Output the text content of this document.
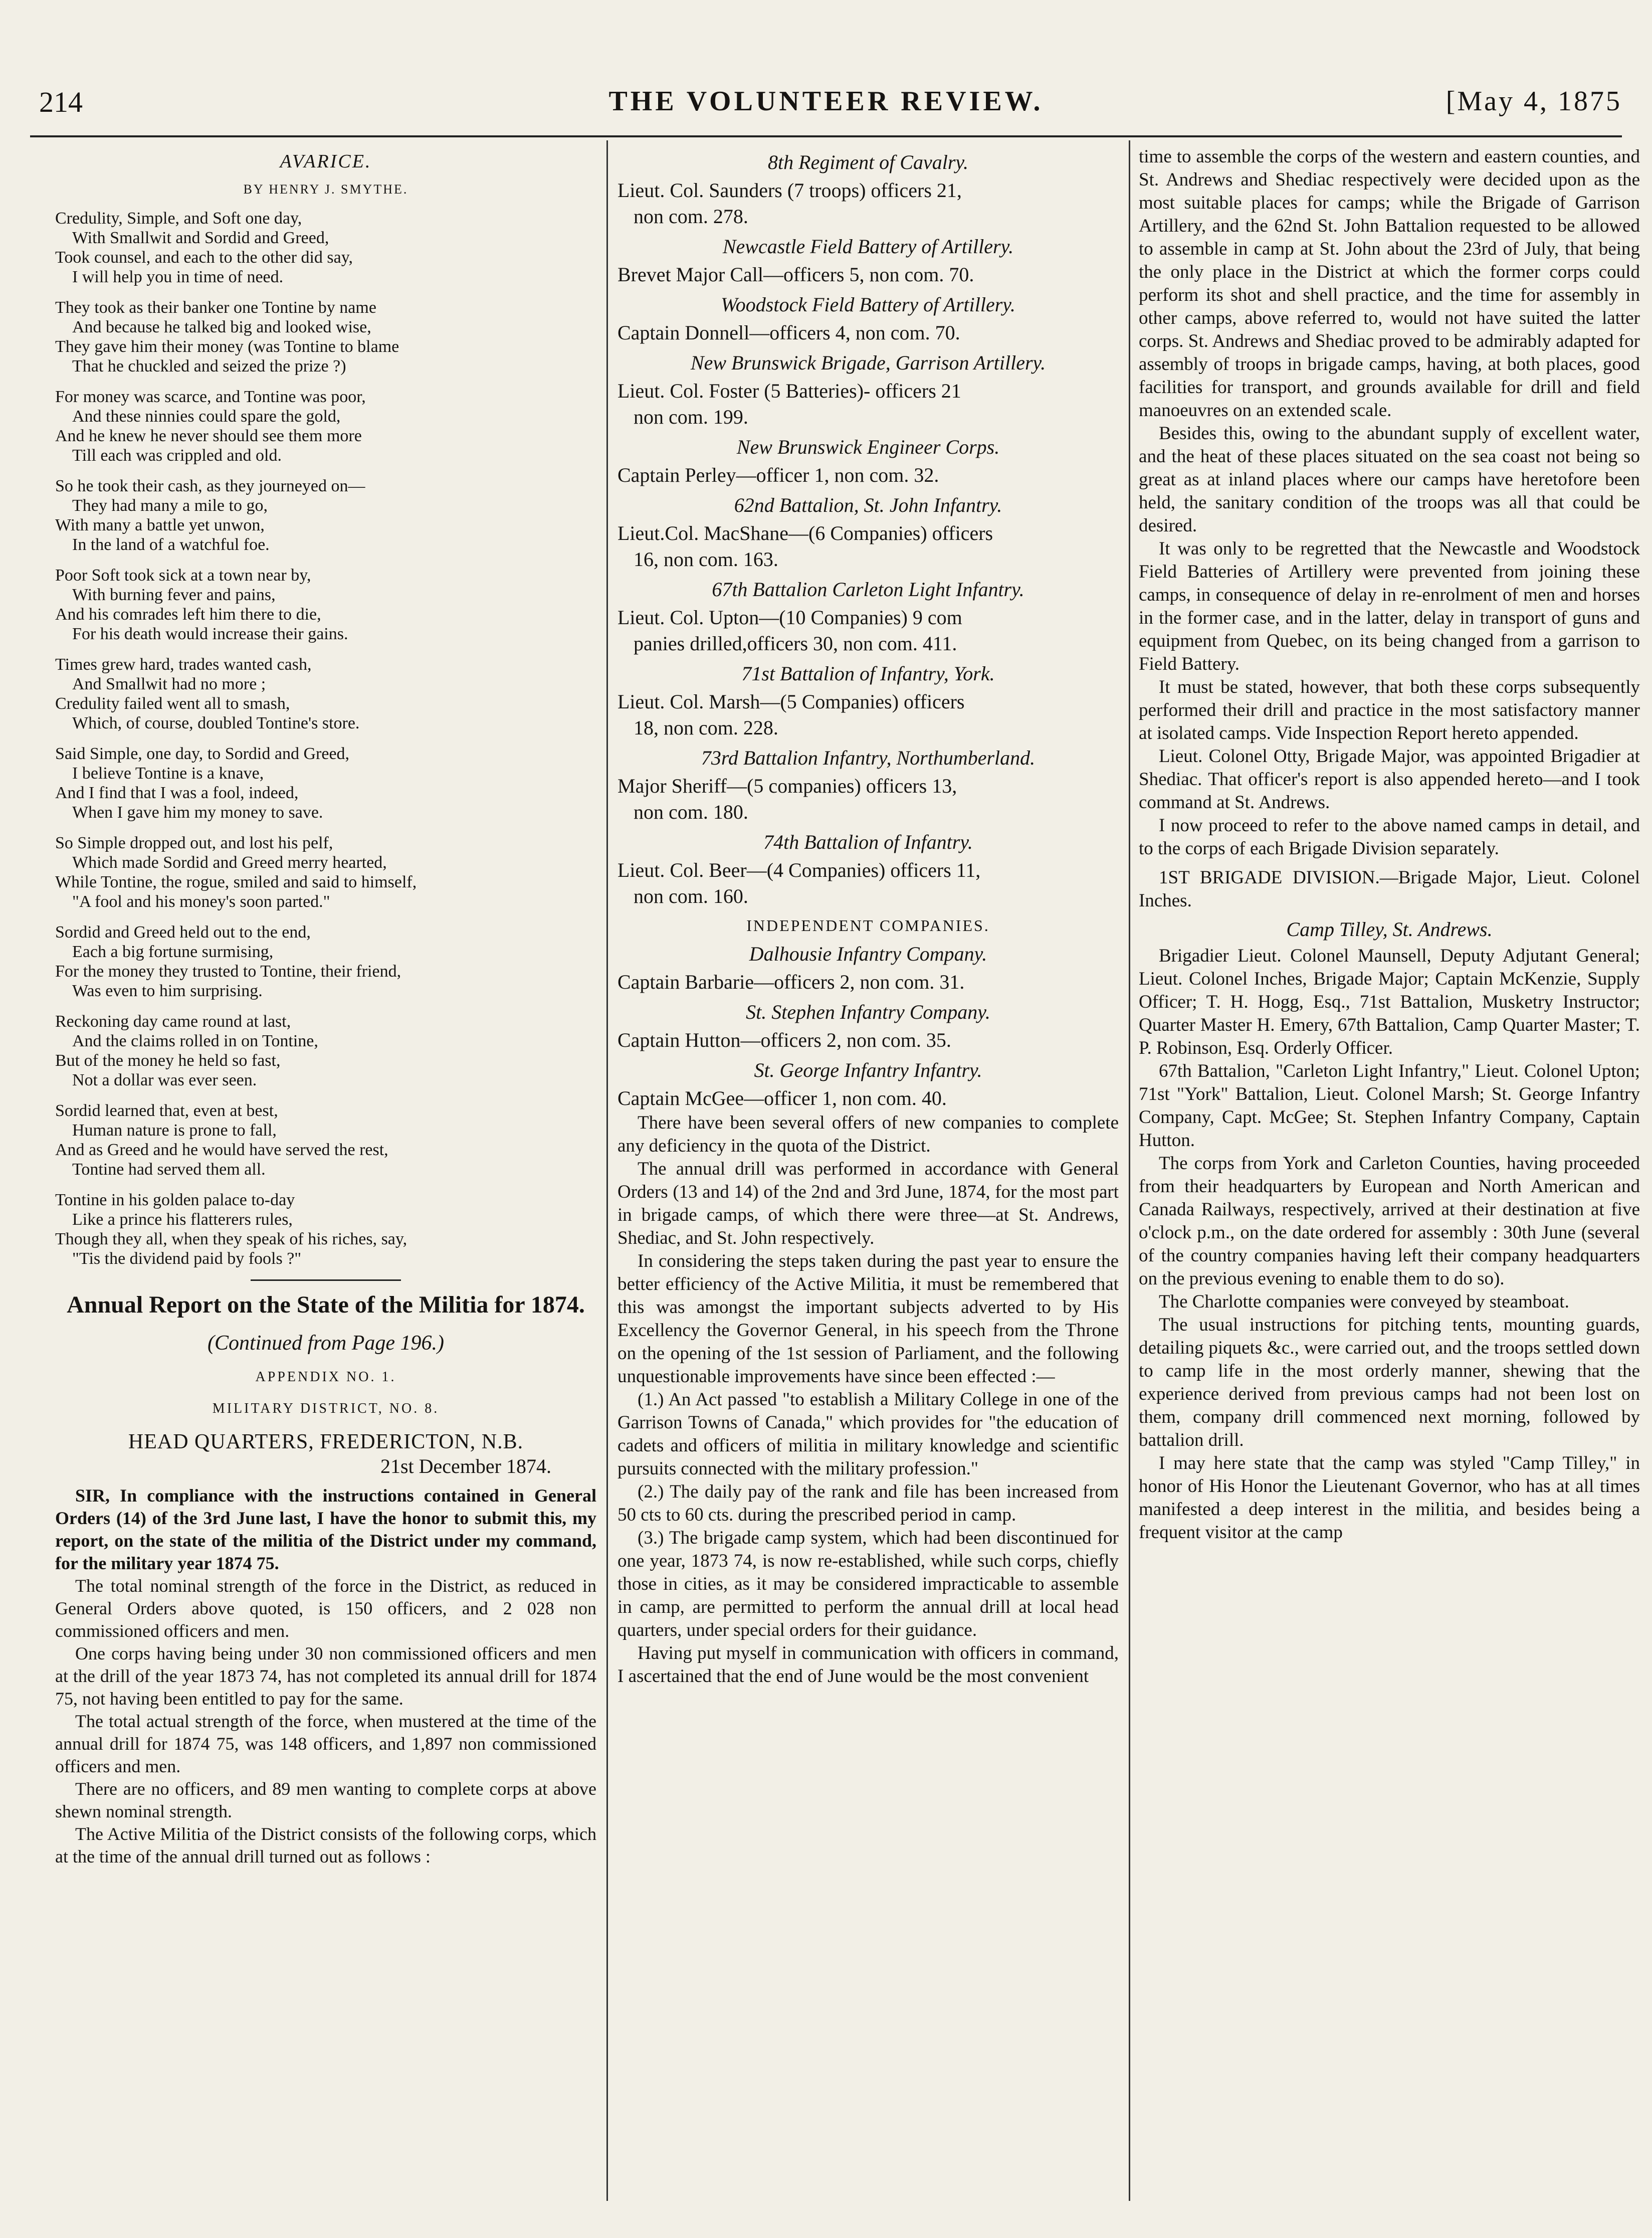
214	THE VOLUNTEER REVIEW.	[May 4, 1875
AVARICE.
BY HENRY J. SMYTHE.
Credulity, Simple, and Soft one day,
With Smallwit and Sordid and Greed,
Took counsel, and each to the other did say,
I will help you in time of need.
They took as their banker one Tontine by name
And because he talked big and looked wise,
They gave him their money (was Tontine to blame
That he chuckled and seized the prize ?)
For money was scarce, and Tontine was poor,
And these ninnies could spare the gold,
And he knew he never should see them more
Till each was crippled and old.
So he took their cash, as they journeyed on—
They had many a mile to go,
With many a battle yet unwon,
In the land of a watchful foe.
Poor Soft took sick at a town near by,
With burning fever and pains,
And his comrades left him there to die,
For his death would increase their gains.
Times grew hard, trades wanted cash,
And Smallwit had no more ;
Credulity failed went all to smash,
Which, of course, doubled Tontine's store.
Said Simple, one day, to Sordid and Greed,
I believe Tontine is a knave,
And I find that I was a fool, indeed,
When I gave him my money to save.
So Simple dropped out, and lost his pelf,
Which made Sordid and Greed merry hearted,
While Tontine, the rogue, smiled and said to himself,
"A fool and his money's soon parted."
Sordid and Greed held out to the end,
Each a big fortune surmising,
For the money they trusted to Tontine, their friend,
Was even to him surprising.
Reckoning day came round at last,
And the claims rolled in on Tontine,
But of the money he held so fast,
Not a dollar was ever seen.
Sordid learned that, even at best,
Human nature is prone to fall,
And as Greed and he would have served the rest,
Tontine had served them all.
Tontine in his golden palace to-day
Like a prince his flatterers rules,
Though they all, when they speak of his riches, say,
"Tis the dividend paid by fools ?"
Annual Report on the State of the Militia for 1874.
(Continued from Page 196.)
APPENDIX NO. 1.
MILITARY DISTRICT, NO. 8.
HEAD QUARTERS, FREDERICTON, N.B.
21st December 1874.

SIR, In compliance with the instructions contained in General Orders (14) of the 3rd June last, I have the honor to submit this, my report, on the state of the militia of the District under my command, for the military year 1874 75.

The total nominal strength of the force in the District, as reduced in General Orders above quoted, is 150 officers, and 2 028 non commissioned officers and men.

One corps having being under 30 non commissioned officers and men at the drill of the year 1873 74, has not completed its annual drill for 1874 75, not having been entitled to pay for the same.

The total actual strength of the force, when mustered at the time of the annual drill for 1874 75, was 148 officers, and 1,897 non commissioned officers and men.

There are no officers, and 89 men wanting to complete corps at above shewn nominal strength.

The Active Militia of the District consists of the following corps, which at the time of the annual drill turned out as follows :

8th Regiment of Cavalry.
Lieut. Col. Saunders (7 troops) officers 21,
non com. 278.
Newcastle Field Battery of Artillery.
Brevet Major Call—officers 5, non com. 70.
Woodstock Field Battery of Artillery.
Captain Donnell—officers 4, non com. 70.
New Brunswick Brigade, Garrison Artillery.
Lieut. Col. Foster (5 Batteries)- officers 21
non com. 199.
New Brunswick Engineer Corps.
Captain Perley—officer 1, non com. 32.
62nd Battalion, St. John Infantry.
Lieut.Col. MacShane—(6 Companies) officers
16, non com. 163.
67th Battalion Carleton Light Infantry.
Lieut. Col. Upton—(10 Companies) 9 com
panies drilled,officers 30, non com. 411.
71st Battalion of Infantry, York.
Lieut. Col. Marsh—(5 Companies) officers
18, non com. 228.
73rd Battalion Infantry, Northumberland.
Major Sheriff—(5 companies) officers 13,
non com. 180.
74th Battalion of Infantry.
Lieut. Col. Beer—(4 Companies) officers 11,
non com. 160.
INDEPENDENT COMPANIES.
Dalhousie Infantry Company.
Captain Barbarie—officers 2, non com. 31.
St. Stephen Infantry Company.
Captain Hutton—officers 2, non com. 35.
St. George Infantry Infantry.
Captain McGee—officer 1, non com. 40.

There have been several offers of new companies to complete any deficiency in the quota of the District.

The annual drill was performed in accordance with General Orders (13 and 14) of the 2nd and 3rd June, 1874, for the most part in brigade camps, of which there were three—at St. Andrews, Shediac, and St. John respectively.

In considering the steps taken during the past year to ensure the better efficiency of the Active Militia, it must be remembered that this was amongst the important subjects adverted to by His Excellency the Governor General, in his speech from the Throne on the opening of the 1st session of Parliament, and the following unquestionable improvements have since been effected :—

(1.) An Act passed "to establish a Military College in one of the Garrison Towns of Canada," which provides for "the education of cadets and officers of militia in military knowledge and scientific pursuits connected with the military profession."

(2.) The daily pay of the rank and file has been increased from 50 cts to 60 cts. during the prescribed period in camp.

(3.) The brigade camp system, which had been discontinued for one year, 1873 74, is now re-established, while such corps, chiefly those in cities, as it may be considered impracticable to assemble in camp, are permitted to perform the annual drill at local head quarters, under special orders for their guidance.

Having put myself in communication with officers in command, I ascertained that the end of June would be the most convenient

time to assemble the corps of the western and eastern counties, and St. Andrews and Shediac respectively were decided upon as the most suitable places for camps; while the Brigade of Garrison Artillery, and the 62nd St. John Battalion requested to be allowed to assemble in camp at St. John about the 23rd of July, that being the only place in the District at which the former corps could perform its shot and shell practice, and the time for assembly in other camps, above referred to, would not have suited the latter corps. St. Andrews and Shediac proved to be admirably adapted for assembly of troops in brigade camps, having, at both places, good facilities for transport, and grounds available for drill and field manoeuvres on an extended scale.

Besides this, owing to the abundant supply of excellent water, and the heat of these places situated on the sea coast not being so great as at inland places where our camps have heretofore been held, the sanitary condition of the troops was all that could be desired.

It was only to be regretted that the Newcastle and Woodstock Field Batteries of Artillery were prevented from joining these camps, in consequence of delay in re-enrolment of men and horses in the former case, and in the latter, delay in transport of guns and equipment from Quebec, on its being changed from a garrison to Field Battery.

It must be stated, however, that both these corps subsequently performed their drill and practice in the most satisfactory manner at isolated camps. Vide Inspection Report hereto appended.

Lieut. Colonel Otty, Brigade Major, was appointed Brigadier at Shediac. That officer's report is also appended hereto—and I took command at St. Andrews.

I now proceed to refer to the above named camps in detail, and to the corps of each Brigade Division separately.

1ST BRIGADE DIVISION.—Brigade Major, Lieut. Colonel Inches.

Camp Tilley, St. Andrews.

Brigadier Lieut. Colonel Maunsell, Deputy Adjutant General; Lieut. Colonel Inches, Brigade Major; Captain McKenzie, Supply Officer; T. H. Hogg, Esq., 71st Battalion, Musketry Instructor; Quarter Master H. Emery, 67th Battalion, Camp Quarter Master; T. P. Robinson, Esq. Orderly Officer.

67th Battalion, "Carleton Light Infantry," Lieut. Colonel Upton; 71st "York" Battalion, Lieut. Colonel Marsh; St. George Infantry Company, Capt. McGee; St. Stephen Infantry Company, Captain Hutton.

The corps from York and Carleton Counties, having proceeded from their headquarters by European and North American and Canada Railways, respectively, arrived at their destination at five o'clock p.m., on the date ordered for assembly : 30th June (several of the country companies having left their company headquarters on the previous evening to enable them to do so).

The Charlotte companies were conveyed by steamboat.

The usual instructions for pitching tents, mounting guards, detailing piquets &c., were carried out, and the troops settled down to camp life in the most orderly manner, shewing that the experience derived from previous camps had not been lost on them, company drill commenced next morning, followed by battalion drill.

I may here state that the camp was styled "Camp Tilley," in honor of His Honor the Lieutenant Governor, who has at all times manifested a deep interest in the militia, and besides being a frequent visitor at the camp
